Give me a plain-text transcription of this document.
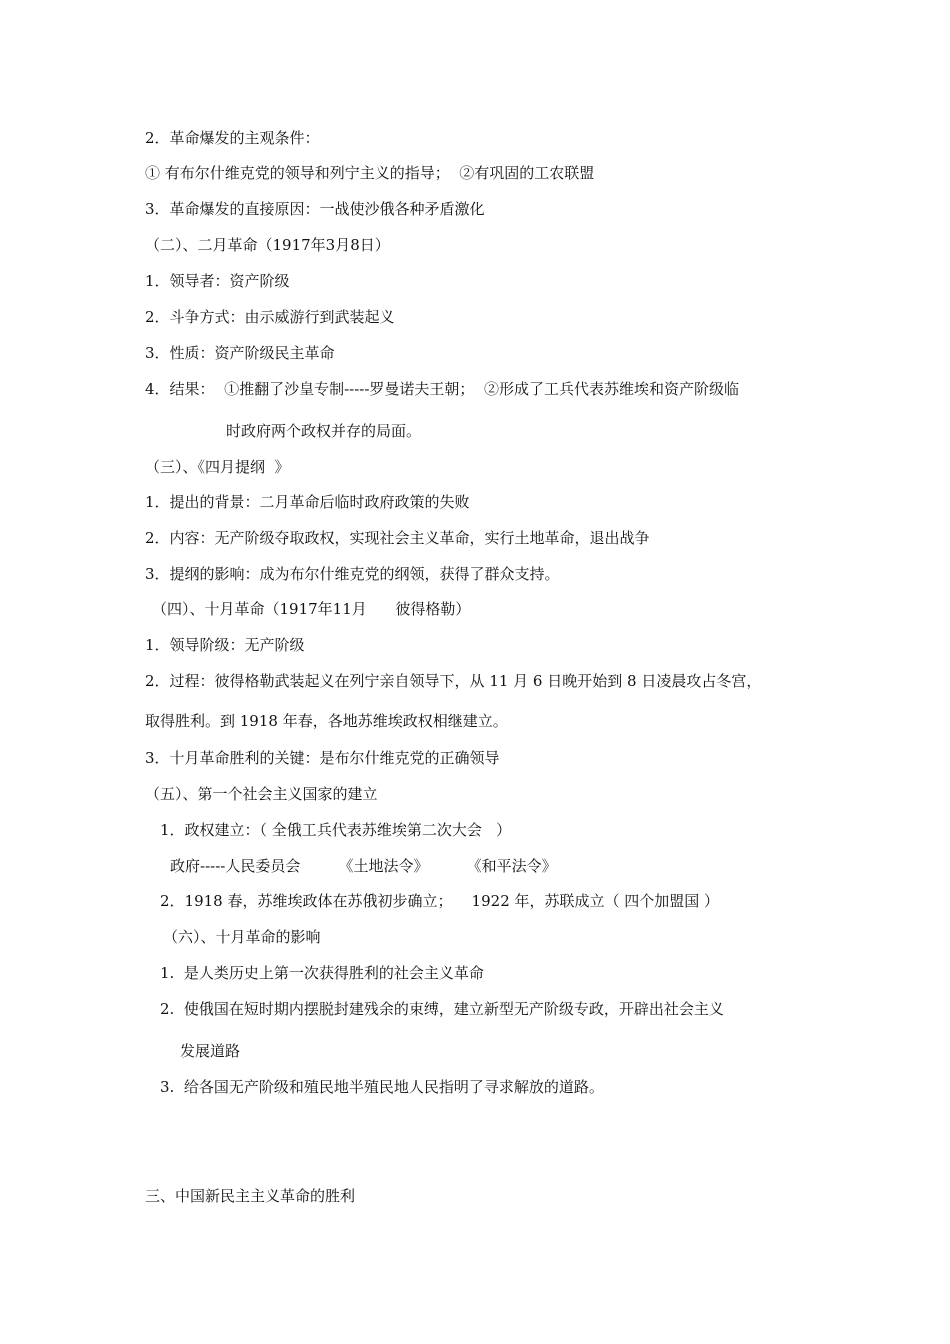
2．革命爆发的主观条件：
① 有布尔什维克党的领导和列宁主义的指导；  ②有巩固的工农联盟
3．革命爆发的直接原因：一战使沙俄各种矛盾激化
（二）、二月革命（1917年3月8日）
1．领导者：资产阶级
2．斗争方式：由示威游行到武装起义
3．性质：资产阶级民主革命
4．结果：  ①推翻了沙皇专制-----罗曼诺夫王朝；  ②形成了工兵代表苏维埃和资产阶级临
时政府两个政权并存的局面。
（三）、《四月提纲  》
1．提出的背景：二月革命后临时政府政策的失败
2．内容：无产阶级夺取政权，实现社会主义革命，实行土地革命，退出战争
3．提纲的影响：成为布尔什维克党的纲领，获得了群众支持。
（四）、十月革命（1917年11月      彼得格勒）
1．领导阶级：无产阶级
2．过程：彼得格勒武装起义在列宁亲自领导下，从 11 月 6 日晚开始到 8 日凌晨攻占冬宫，
取得胜利。到 1918 年春，各地苏维埃政权相继建立。
3．十月革命胜利的关键：是布尔什维克党的正确领导
（五）、第一个社会主义国家的建立
1．政权建立：（ 全俄工兵代表苏维埃第二次大会   ）
政府-----人民委员会        《土地法令》        《和平法令》
2．1918 春，苏维埃政体在苏俄初步确立；    1922 年，苏联成立（ 四个加盟国 ）
（六）、十月革命的影响
1.  是人类历史上第一次获得胜利的社会主义革命
2.  使俄国在短时期内摆脱封建残余的束缚，建立新型无产阶级专政，开辟出社会主义
发展道路
3.  给各国无产阶级和殖民地半殖民地人民指明了寻求解放的道路。
三、中国新民主主义革命的胜利
